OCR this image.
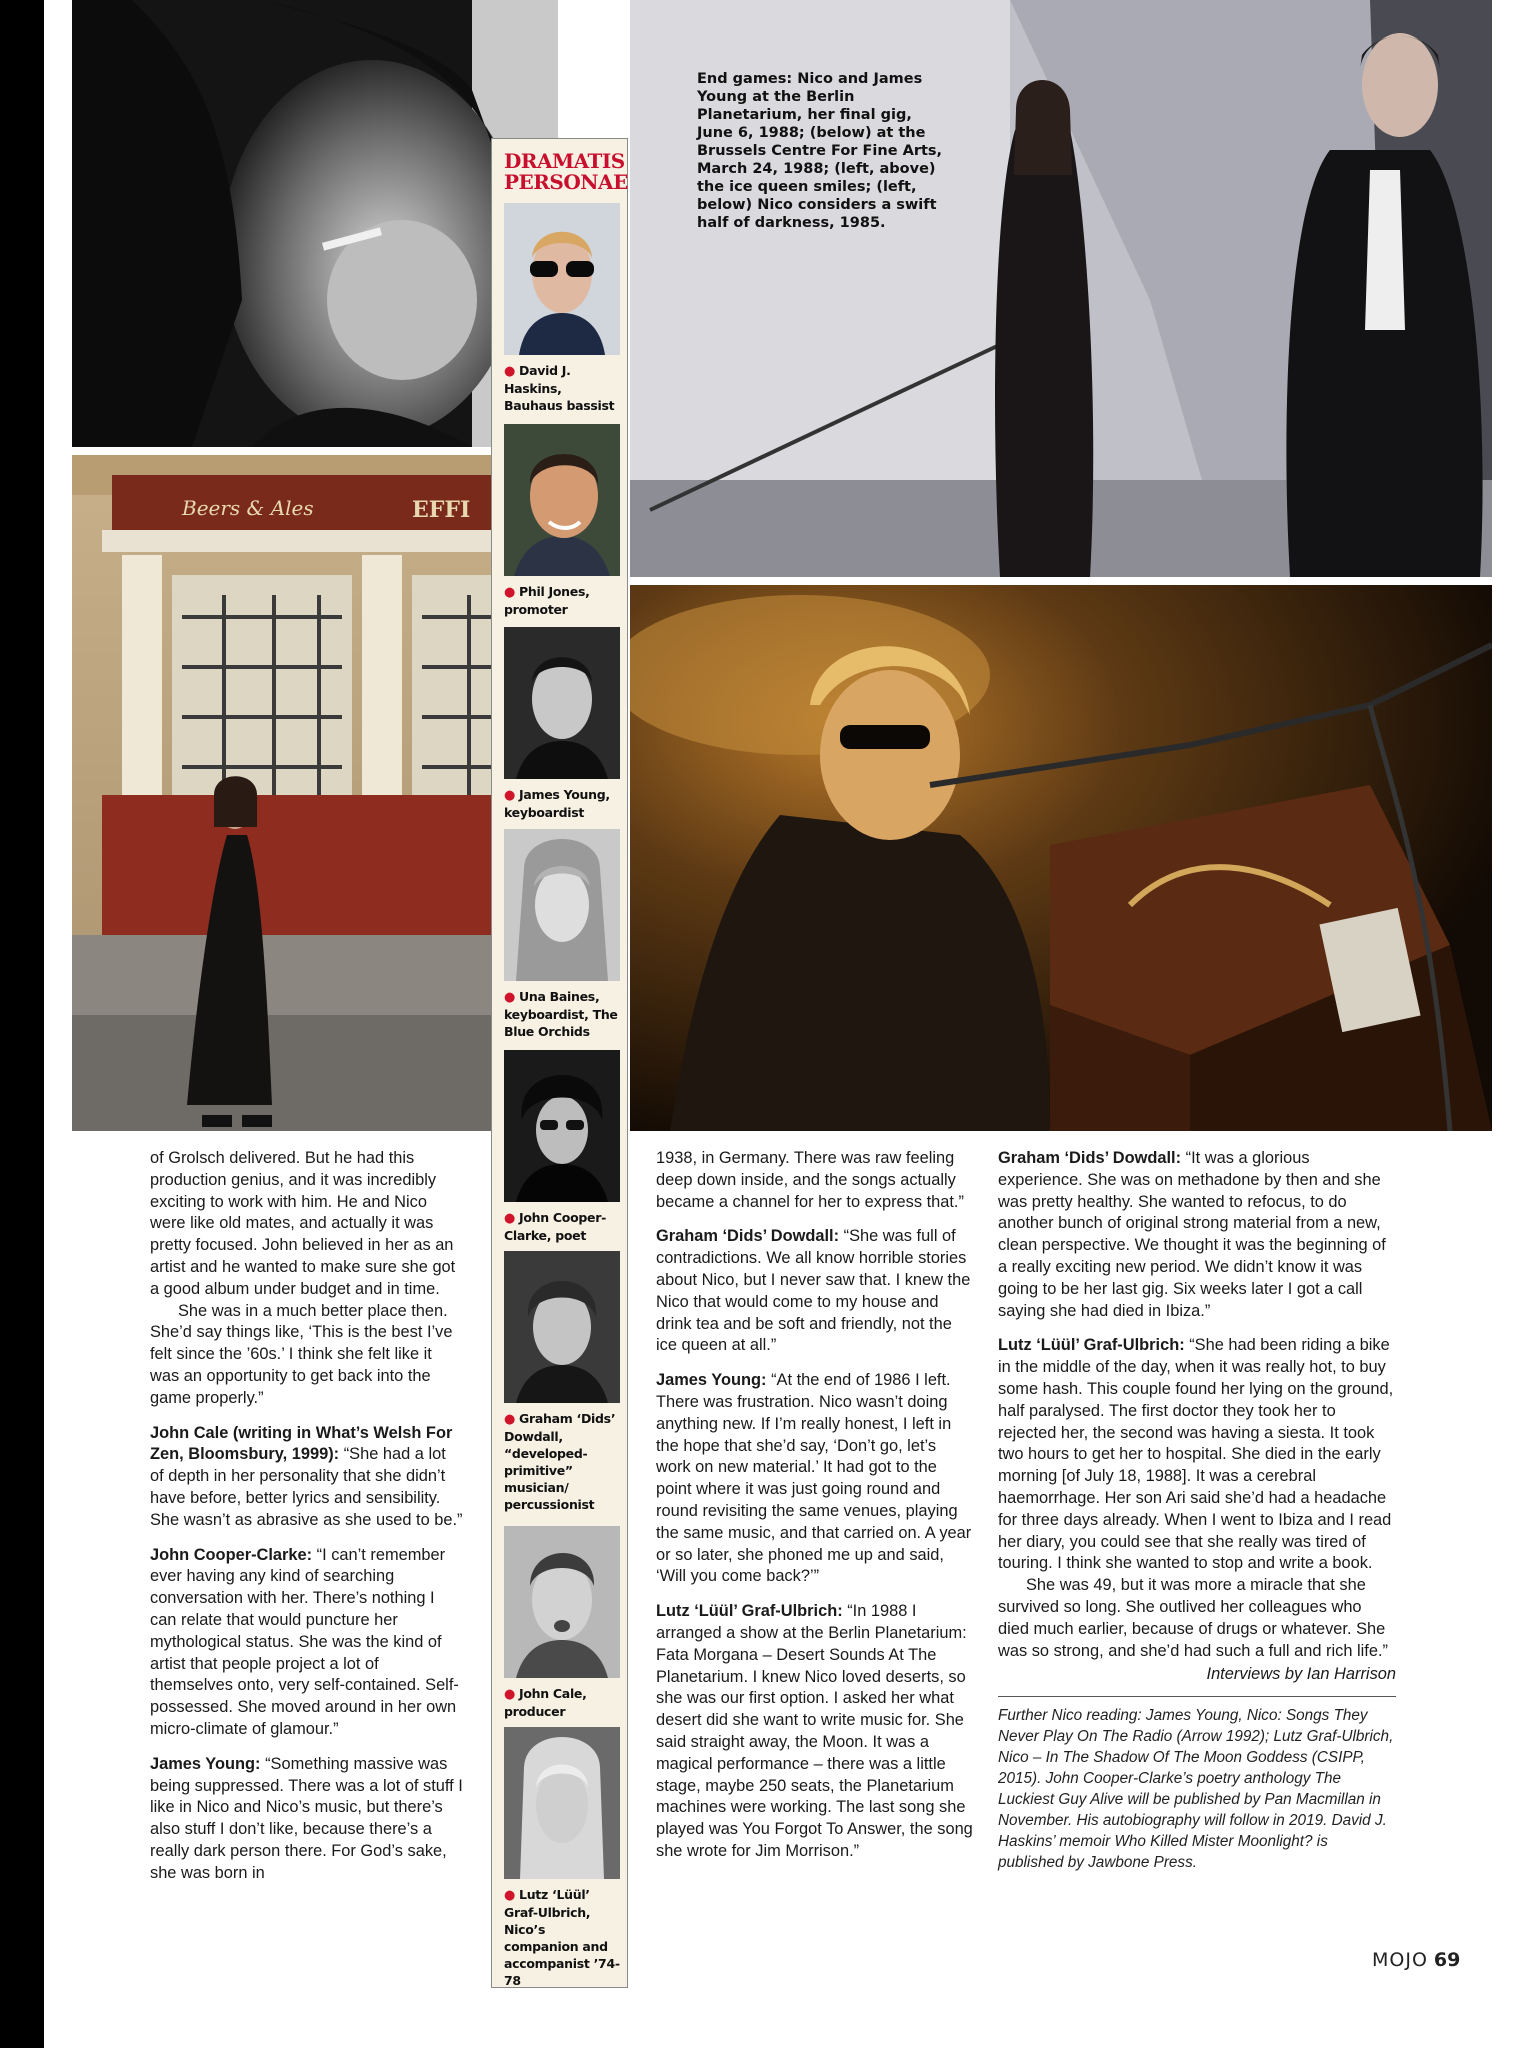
Beers & Ales	EFFI
End games: Nico and James Young at the Berlin Planetarium, her final gig, June 6, 1988; (below) at the Brussels Centre For Fine Arts, March 24, 1988; (left, above) the ice queen smiles; (left, below) Nico considers a swift half of darkness, 1985.
DRAMATIS
PERSONAE
● David J. Haskins, Bauhaus bassist
● Phil Jones, promoter
● James Young, keyboardist
● Una Baines, keyboardist, The Blue Orchids
● John Cooper-Clarke, poet
● Graham ‘Dids’ Dowdall, “developed-primitive” musician/ percussionist
● John Cale, producer
● Lutz ‘Lüül’ Graf-Ulbrich, Nico’s companion and accompanist ’74-78

of Grolsch delivered. But he had this production genius, and it was incredibly exciting to work with him. He and Nico were like old mates, and actually it was pretty focused. John believed in her as an artist and he wanted to make sure she got a good album under budget and in time.

She was in a much better place then. She’d say things like, ‘This is the best I’ve felt since the ’60s.’ I think she felt like it was an opportunity to get back into the game properly.”

John Cale (writing in What’s Welsh For Zen, Bloomsbury, 1999): “She had a lot of depth in her personality that she didn’t have before, better lyrics and sensibility. She wasn’t as abrasive as she used to be.”

John Cooper-Clarke: “I can’t remember ever having any kind of searching conversation with her. There’s nothing I can relate that would puncture her mythological status. She was the kind of artist that people project a lot of themselves onto, very self-contained. Self-possessed. She moved around in her own micro-climate of glamour.”

James Young: “Something massive was being suppressed. There was a lot of stuff I like in Nico and Nico’s music, but there’s also stuff I don’t like, because there’s a really dark person there. For God’s sake, she was born in

1938, in Germany. There was raw feeling deep down inside, and the songs actually became a channel for her to express that.”

Graham ‘Dids’ Dowdall: “She was full of contradictions. We all know horrible stories about Nico, but I never saw that. I knew the Nico that would come to my house and drink tea and be soft and friendly, not the ice queen at all.”

James Young: “At the end of 1986 I left. There was frustration. Nico wasn’t doing anything new. If I’m really honest, I left in the hope that she’d say, ‘Don’t go, let’s work on new material.’ It had got to the point where it was just going round and round revisiting the same venues, playing the same music, and that carried on. A year or so later, she phoned me up and said, ‘Will you come back?’”

Lutz ‘Lüül’ Graf-Ulbrich: “In 1988 I arranged a show at the Berlin Planetarium: Fata Morgana – Desert Sounds At The Planetarium. I knew Nico loved deserts, so she was our first option. I asked her what desert did she want to write music for. She said straight away, the Moon. It was a magical performance – there was a little stage, maybe 250 seats, the Planetarium machines were working. The last song she played was You Forgot To Answer, the song she wrote for Jim Morrison.”

Graham ‘Dids’ Dowdall: “It was a glorious experience. She was on methadone by then and she was pretty healthy. She wanted to refocus, to do another bunch of original strong material from a new, clean perspective. We thought it was the beginning of a really exciting new period. We didn’t know it was going to be her last gig. Six weeks later I got a call saying she had died in Ibiza.”

Lutz ‘Lüül’ Graf-Ulbrich: “She had been riding a bike in the middle of the day, when it was really hot, to buy some hash. This couple found her lying on the ground, half paralysed. The first doctor they took her to rejected her, the second was having a siesta. It took two hours to get her to hospital. She died in the early morning [of July 18, 1988]. It was a cerebral haemorrhage. Her son Ari said she’d had a headache for three days already. When I went to Ibiza and I read her diary, you could see that she really was tired of touring. I think she wanted to stop and write a book.

She was 49, but it was more a miracle that she survived so long. She outlived her colleagues who died much earlier, because of drugs or whatever. She was so strong, and she’d had such a full and rich life.”

Interviews by Ian Harrison
Further Nico reading: James Young, Nico: Songs They Never Play On The Radio (Arrow 1992); Lutz Graf-Ulbrich, Nico – In The Shadow Of The Moon Goddess (CSIPP, 2015). John Cooper-Clarke’s poetry anthology The Luckiest Guy Alive will be published by Pan Macmillan in November. His autobiography will follow in 2019. David J. Haskins’ memoir Who Killed Mister Moonlight? is published by Jawbone Press.
MOJO 69
